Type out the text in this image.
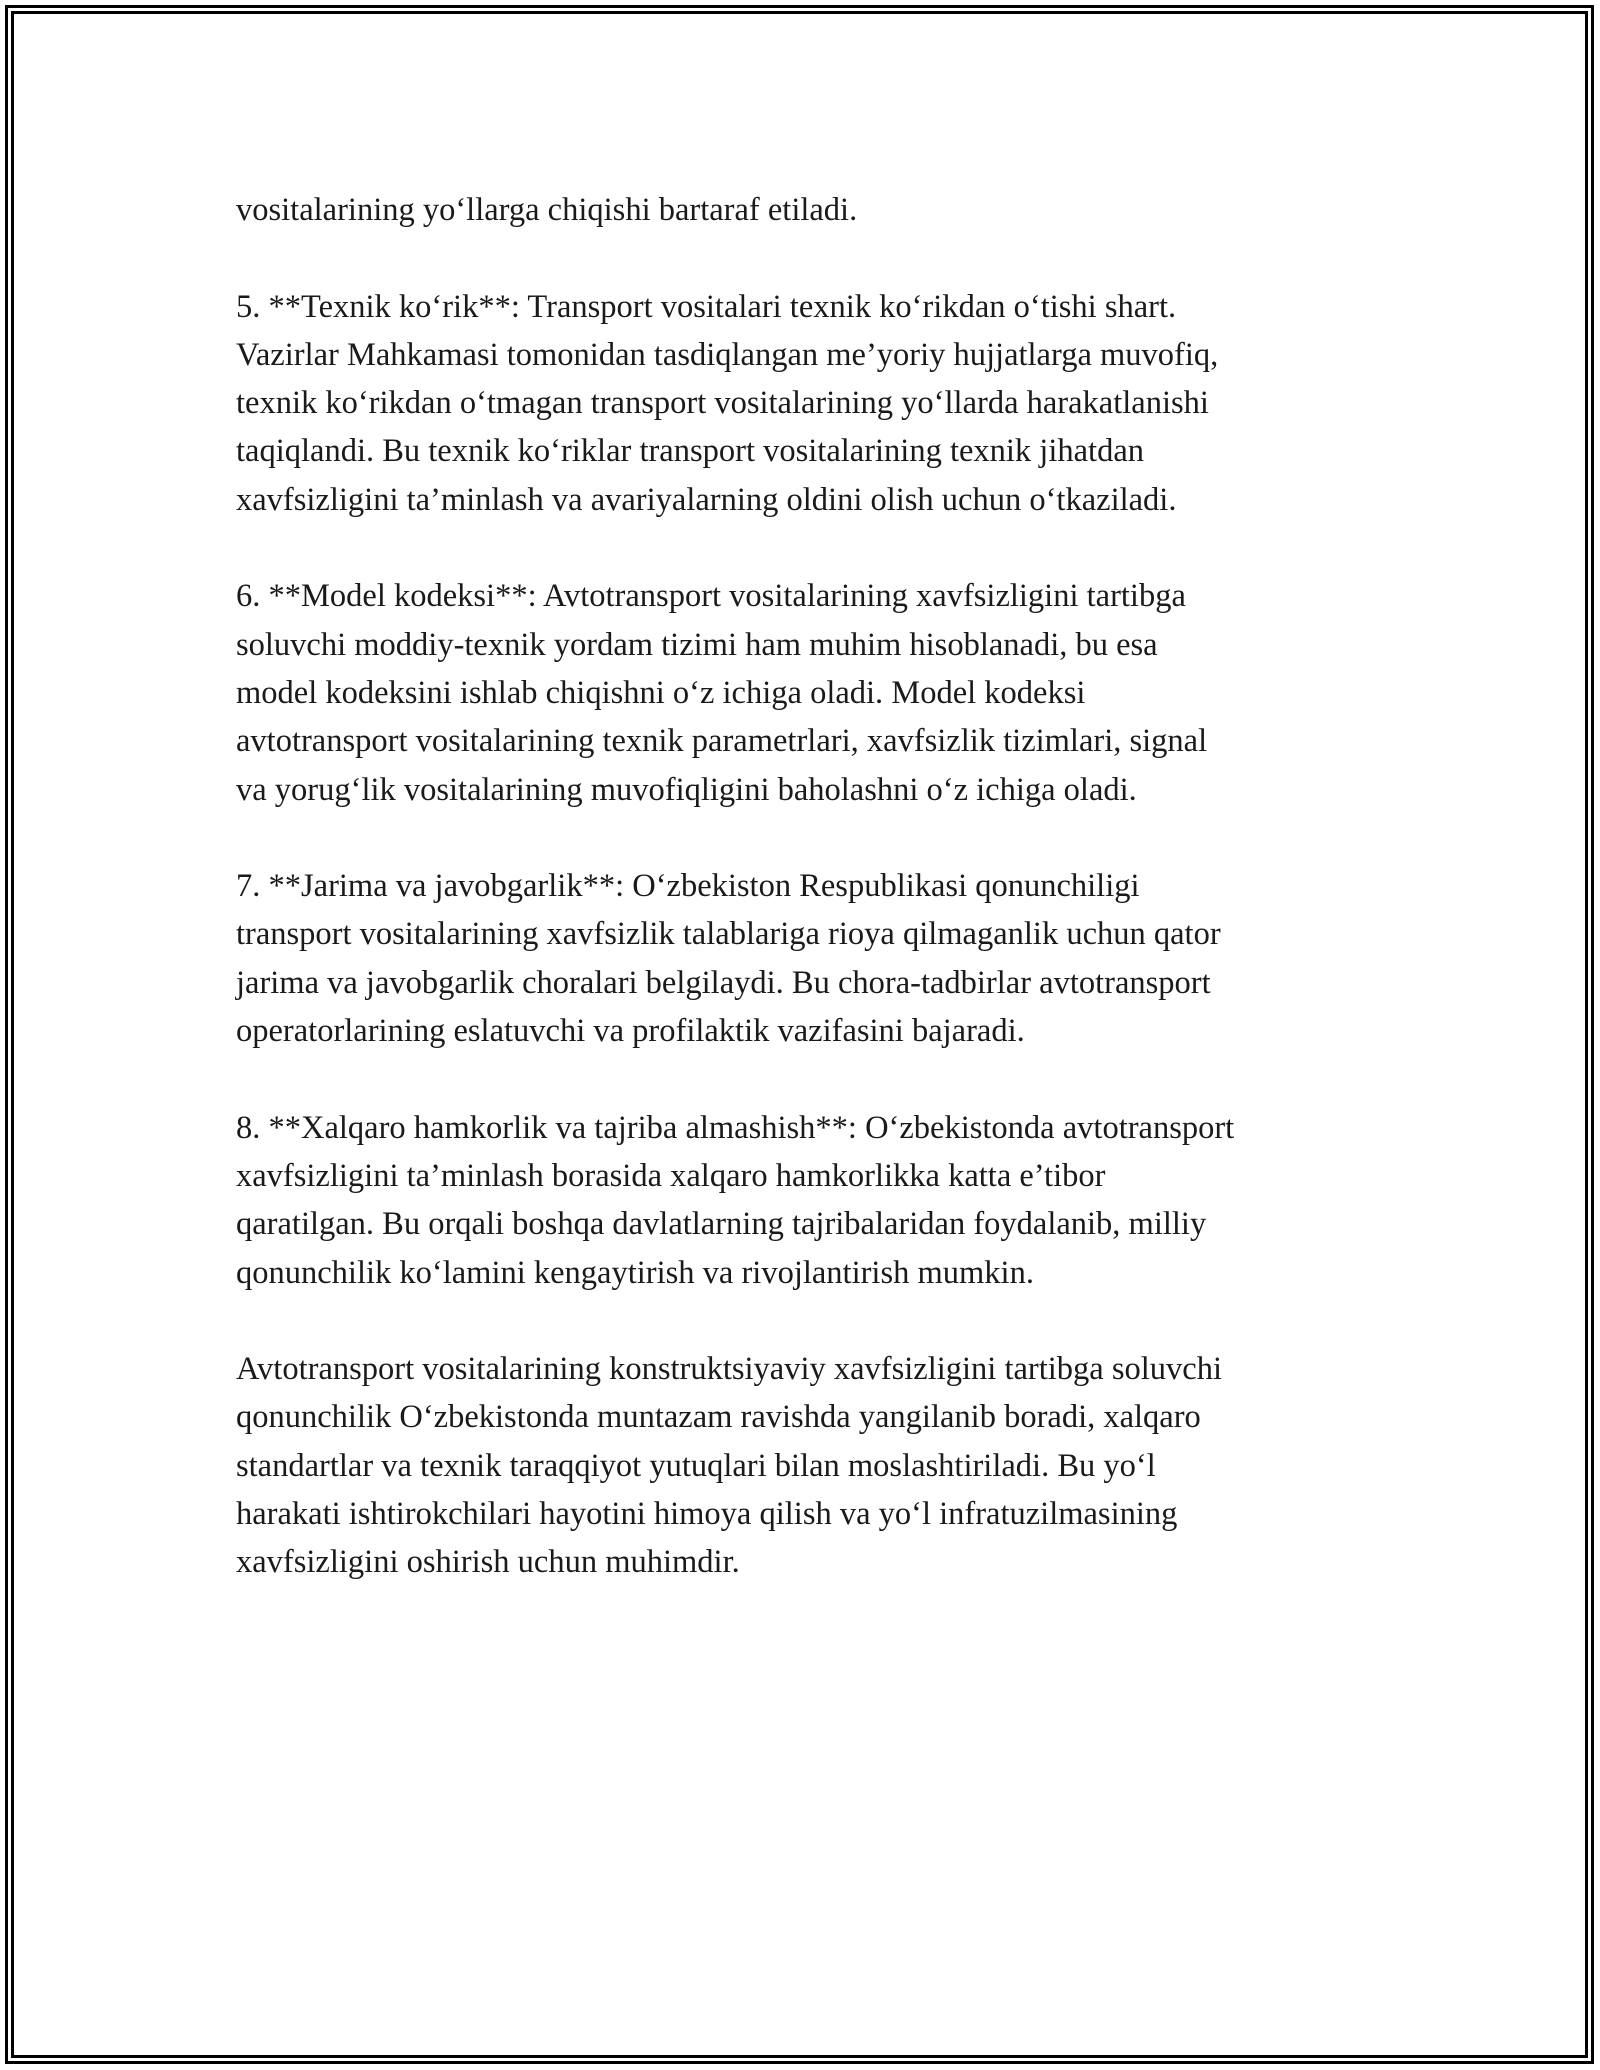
vositalarining yo‘llarga chiqishi bartaraf etiladi.
5. **Texnik ko‘rik**: Transport vositalari texnik ko‘rikdan o‘tishi shart.
Vazirlar Mahkamasi tomonidan tasdiqlangan me’yoriy hujjatlarga muvofiq,
texnik ko‘rikdan o‘tmagan transport vositalarining yo‘llarda harakatlanishi
taqiqlandi. Bu texnik ko‘riklar transport vositalarining texnik jihatdan
xavfsizligini ta’minlash va avariyalarning oldini olish uchun o‘tkaziladi.
6. **Model kodeksi**: Avtotransport vositalarining xavfsizligini tartibga
soluvchi moddiy-texnik yordam tizimi ham muhim hisoblanadi, bu esa
model kodeksini ishlab chiqishni o‘z ichiga oladi. Model kodeksi
avtotransport vositalarining texnik parametrlari, xavfsizlik tizimlari, signal
va yorug‘lik vositalarining muvofiqligini baholashni o‘z ichiga oladi.
7. **Jarima va javobgarlik**: O‘zbekiston Respublikasi qonunchiligi
transport vositalarining xavfsizlik talablariga rioya qilmaganlik uchun qator
jarima va javobgarlik choralari belgilaydi. Bu chora-tadbirlar avtotransport
operatorlarining eslatuvchi va profilaktik vazifasini bajaradi.
8. **Xalqaro hamkorlik va tajriba almashish**: O‘zbekistonda avtotransport
xavfsizligini ta’minlash borasida xalqaro hamkorlikka katta e’tibor
qaratilgan. Bu orqali boshqa davlatlarning tajribalaridan foydalanib, milliy
qonunchilik ko‘lamini kengaytirish va rivojlantirish mumkin.
Avtotransport vositalarining konstruktsiyaviy xavfsizligini tartibga soluvchi
qonunchilik O‘zbekistonda muntazam ravishda yangilanib boradi, xalqaro
standartlar va texnik taraqqiyot yutuqlari bilan moslashtiriladi. Bu yo‘l
harakati ishtirokchilari hayotini himoya qilish va yo‘l infratuzilmasining
xavfsizligini oshirish uchun muhimdir.
